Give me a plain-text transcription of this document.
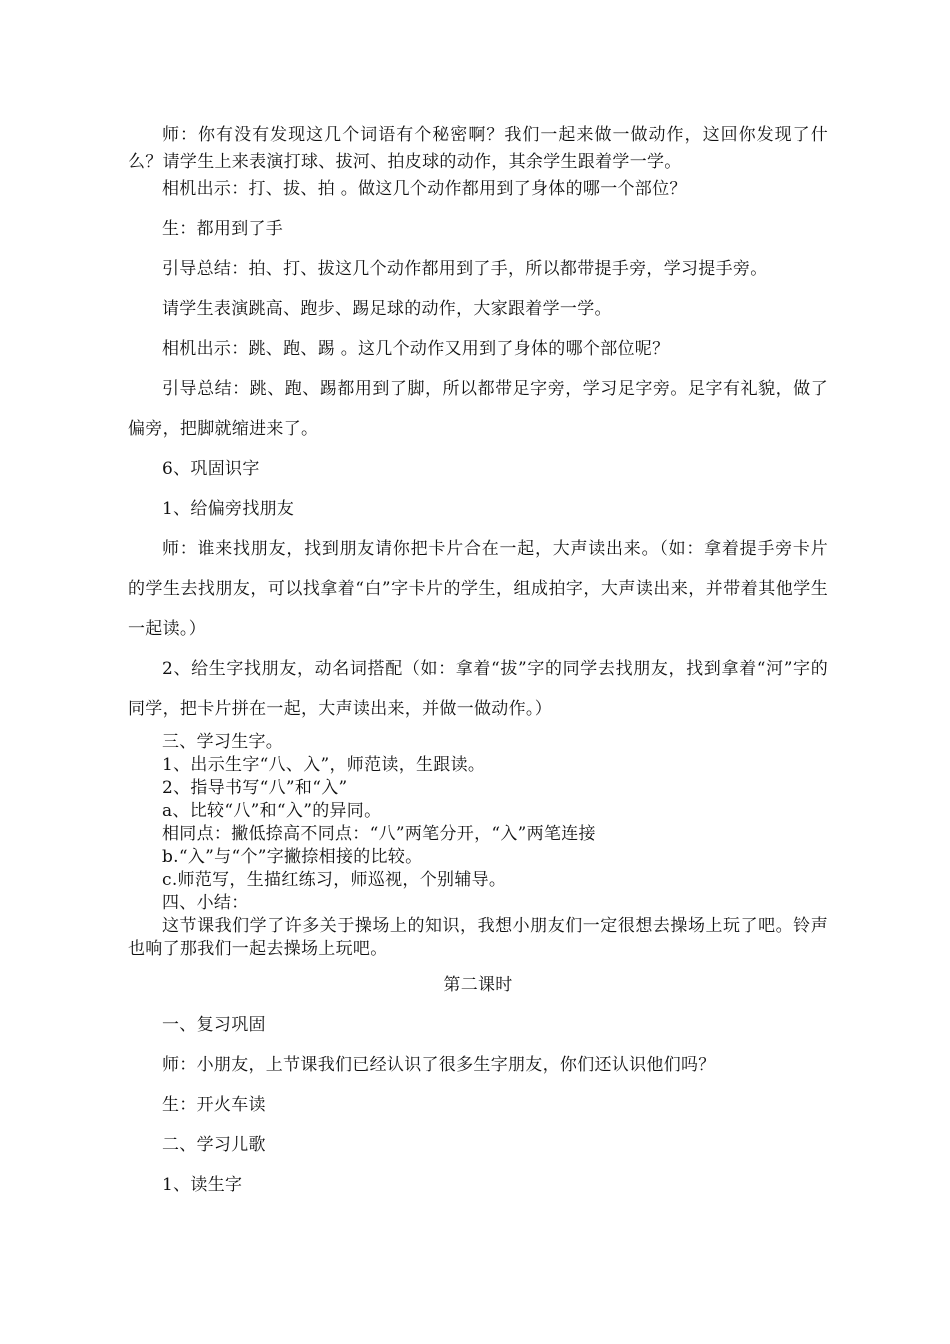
师：你有没有发现这几个词语有个秘密啊？我们一起来做一做动作，这回你发现了什么？请学生上来表演打球、拔河、拍皮球的动作，其余学生跟着学一学。

相机出示：打、拔、拍 。做这几个动作都用到了身体的哪一个部位？

生：都用到了手

引导总结：拍、打、拔这几个动作都用到了手，所以都带提手旁，学习提手旁。

请学生表演跳高、跑步、踢足球的动作，大家跟着学一学。

相机出示：跳、跑、踢 。这几个动作又用到了身体的哪个部位呢？

引导总结：跳、跑、踢都用到了脚，所以都带足字旁，学习足字旁。足字有礼貌，做了偏旁，把脚就缩进来了。

6、巩固识字

1、给偏旁找朋友

师：谁来找朋友，找到朋友请你把卡片合在一起，大声读出来。（如：拿着提手旁卡片的学生去找朋友，可以找拿着“白”字卡片的学生，组成拍字，大声读出来，并带着其他学生一起读。）

2、给生字找朋友，动名词搭配（如：拿着“拔”字的同学去找朋友，找到拿着“河”字的同学，把卡片拼在一起，大声读出来，并做一做动作。）

三、学习生字。

1、出示生字“八、入”，师范读，生跟读。

2、指导书写“八”和“入”

a、比较“八”和“入”的异同。

相同点：撇低捺高不同点：“八”两笔分开，“入”两笔连接

b.“入”与“个”字撇捺相接的比较。

c.师范写，生描红练习，师巡视，个别辅导。

四、小结：

这节课我们学了许多关于操场上的知识，我想小朋友们一定很想去操场上玩了吧。铃声也响了那我们一起去操场上玩吧。

第二课时

一、复习巩固

师：小朋友，上节课我们已经认识了很多生字朋友，你们还认识他们吗？

生：开火车读

二、学习儿歌

1、读生字
